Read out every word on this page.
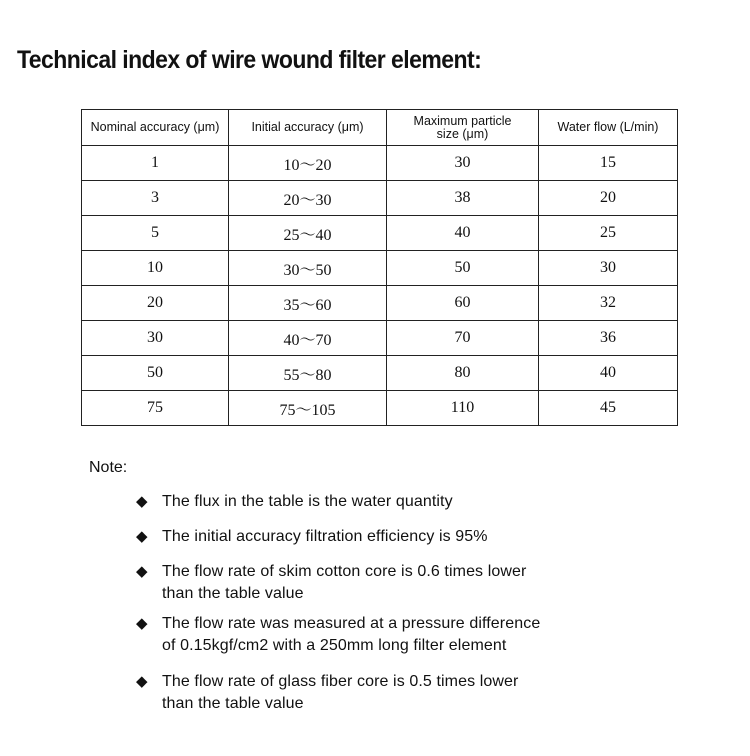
Technical index of wire wound filter element:
Nominal accuracy (μm)	Initial accuracy (μm)	Maximum particle size (μm)	Water flow (L/min)
1	10～20	30	15
3	20～30	38	20
5	25～40	40	25
10	30～50	50	30
20	35～60	60	32
30	40～70	70	36
50	55～80	80	40
75	75～105	110	45
Note:
◆ The flux in the table is the water quantity
◆ The initial accuracy filtration efficiency is 95%
◆ The flow rate of skim cotton core is 0.6 times lower
than the table value
◆ The flow rate was measured at a pressure difference
of 0.15kgf/cm2 with a 250mm long filter element
◆ The flow rate of glass fiber core is 0.5 times lower
than the table value
